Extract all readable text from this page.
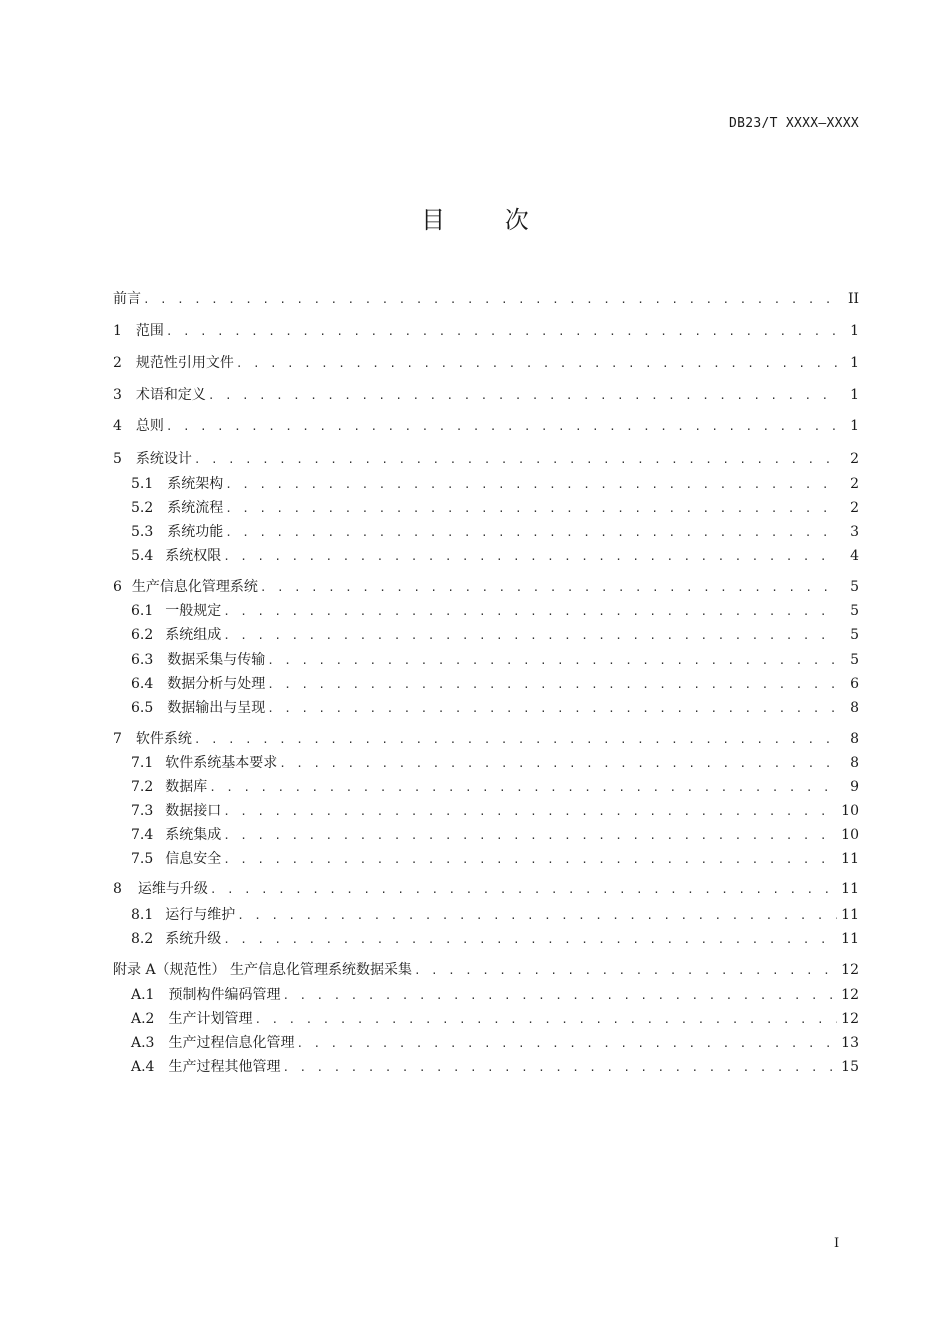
DB23/T XXXX—XXXX
目 次
前言 . . .	II
1 范围 . . .	1
2 规范性引用文件 . . .	1
3 术语和定义 . . .	1
4 总则 . . .	1
5 系统设计 . . .	2
5.1 系统架构 . . .	2
5.2 系统流程 . . .	2
5.3 系统功能 . . .	3
5.4 系统权限 . . .	4
6 生产信息化管理系统 . . .	5
6.1 一般规定 . . .	5
6.2 系统组成 . . .	5
6.3 数据采集与传输 . . .	5
6.4 数据分析与处理 . . .	6
6.5 数据输出与呈现 . . .	8
7 软件系统 . . .	8
7.1 软件系统基本要求 . . .	8
7.2 数据库 . . .	9
7.3 数据接口 . . .	10
7.4 系统集成 . . .	10
7.5 信息安全 . . .	11
8 运维与升级 . . .	11
8.1 运行与维护 . . .	11
8.2 系统升级 . . .	11
附录 A（规范性） 生产信息化管理系统数据采集 . . .	12
A.1 预制构件编码管理 . . .	12
A.2 生产计划管理 . . .	12
A.3 生产过程信息化管理 . . .	13
A.4 生产过程其他管理 . . .	15
I
